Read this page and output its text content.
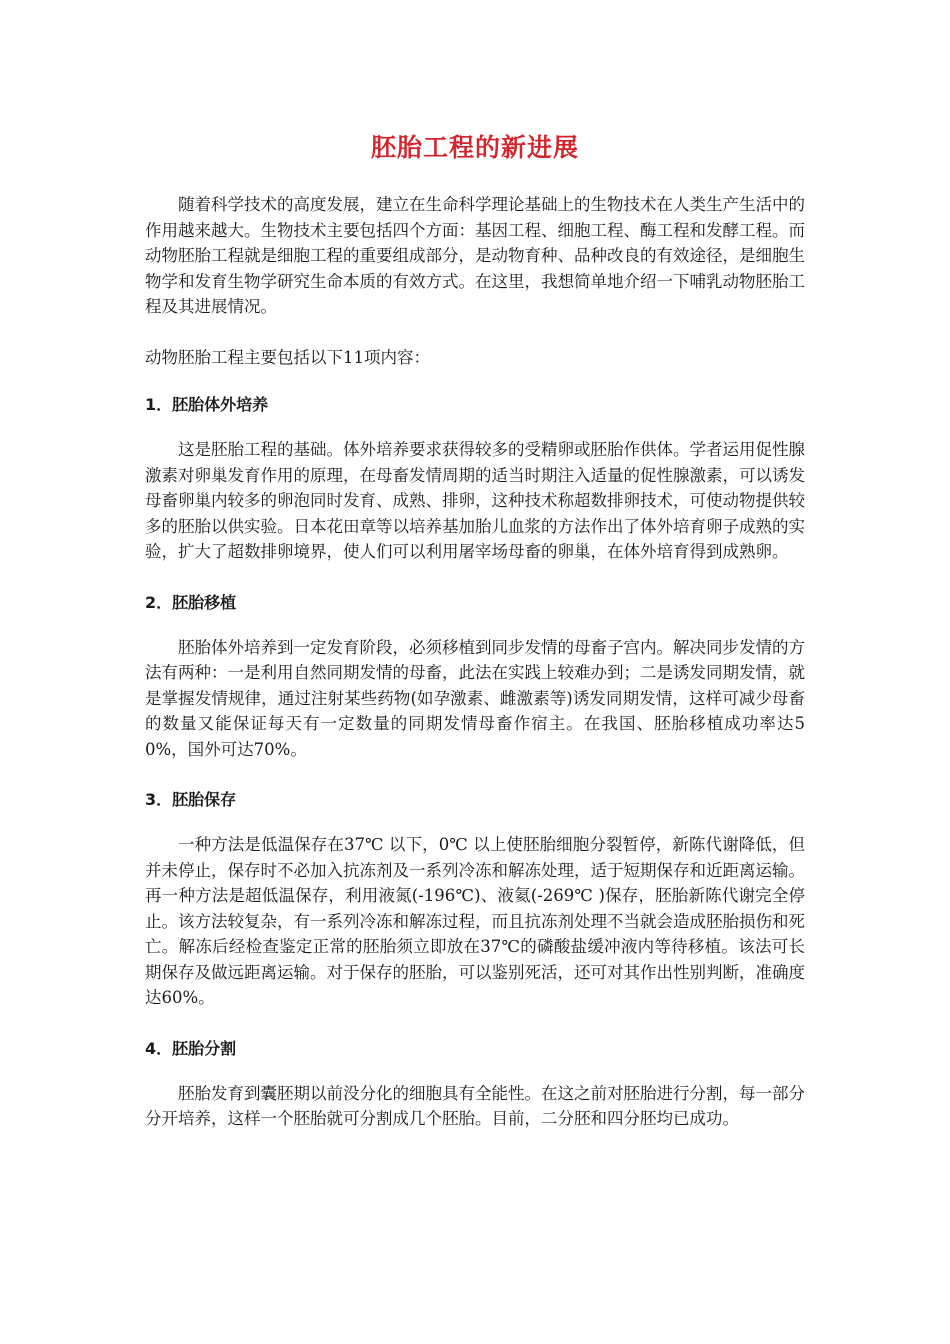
胚胎工程的新进展

随着科学技术的高度发展，建立在生命科学理论基础上的生物技术在人类生产生活中的作用越来越大。生物技术主要包括四个方面：基因工程、细胞工程、酶工程和发酵工程。而动物胚胎工程就是细胞工程的重要组成部分，是动物育种、品种改良的有效途径，是细胞生物学和发育生物学研究生命本质的有效方式。在这里，我想简单地介绍一下哺乳动物胚胎工程及其进展情况。

动物胚胎工程主要包括以下11项内容：

1．胚胎体外培养

这是胚胎工程的基础。体外培养要求获得较多的受精卵或胚胎作供体。学者运用促性腺激素对卵巢发育作用的原理，在母畜发情周期的适当时期注入适量的促性腺激素，可以诱发母畜卵巢内较多的卵泡同时发育、成熟、排卵，这种技术称超数排卵技术，可使动物提供较多的胚胎以供实验。日本花田章等以培养基加胎儿血浆的方法作出了体外培育卵子成熟的实验，扩大了超数排卵境界，使人们可以利用屠宰场母畜的卵巢，在体外培育得到成熟卵。

2．胚胎移植

胚胎体外培养到一定发育阶段，必须移植到同步发情的母畜子宫内。解决同步发情的方法有两种：一是利用自然同期发情的母畜，此法在实践上较难办到；二是诱发同期发情，就是掌握发情规律，通过注射某些药物(如孕激素、雌激素等)诱发同期发情，这样可减少母畜的数量又能保证每天有一定数量的同期发情母畜作宿主。在我国、胚胎移植成功率达50%，国外可达70%。

3．胚胎保存

一种方法是低温保存在37℃ 以下，0℃ 以上使胚胎细胞分裂暂停，新陈代谢降低，但并未停止，保存时不必加入抗冻剂及一系列冷冻和解冻处理，适于短期保存和近距离运输。再一种方法是超低温保存，利用液氮(-196℃)、液氦(-269℃ )保存，胚胎新陈代谢完全停止。该方法较复杂，有一系列冷冻和解冻过程，而且抗冻剂处理不当就会造成胚胎损伤和死亡。解冻后经检查鉴定正常的胚胎须立即放在37℃的磷酸盐缓冲液内等待移植。该法可长期保存及做远距离运输。对于保存的胚胎，可以鉴别死活，还可对其作出性别判断，准确度达60%。

4．胚胎分割

胚胎发育到囊胚期以前没分化的细胞具有全能性。在这之前对胚胎进行分割，每一部分分开培养，这样一个胚胎就可分割成几个胚胎。目前，二分胚和四分胚均已成功。
